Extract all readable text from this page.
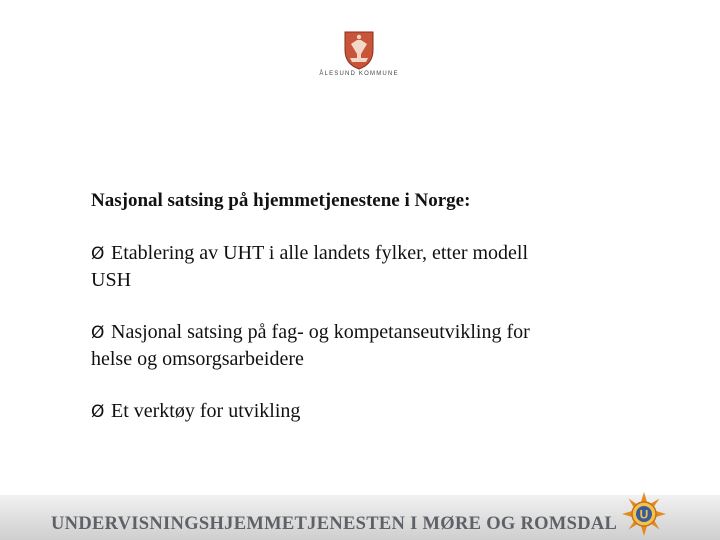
ÅLESUND KOMMUNE
Nasjonal satsing på hjemmetjenestene i Norge:
Ø Etablering av UHT i alle landets fylker, etter modell
USH
Ø Nasjonal satsing på fag- og kompetanseutvikling for
helse og omsorgsarbeidere
Ø Et verktøy for utvikling
UNDERVISNINGSHJEMMETJENESTEN I MØRE OG ROMSDAL	U
